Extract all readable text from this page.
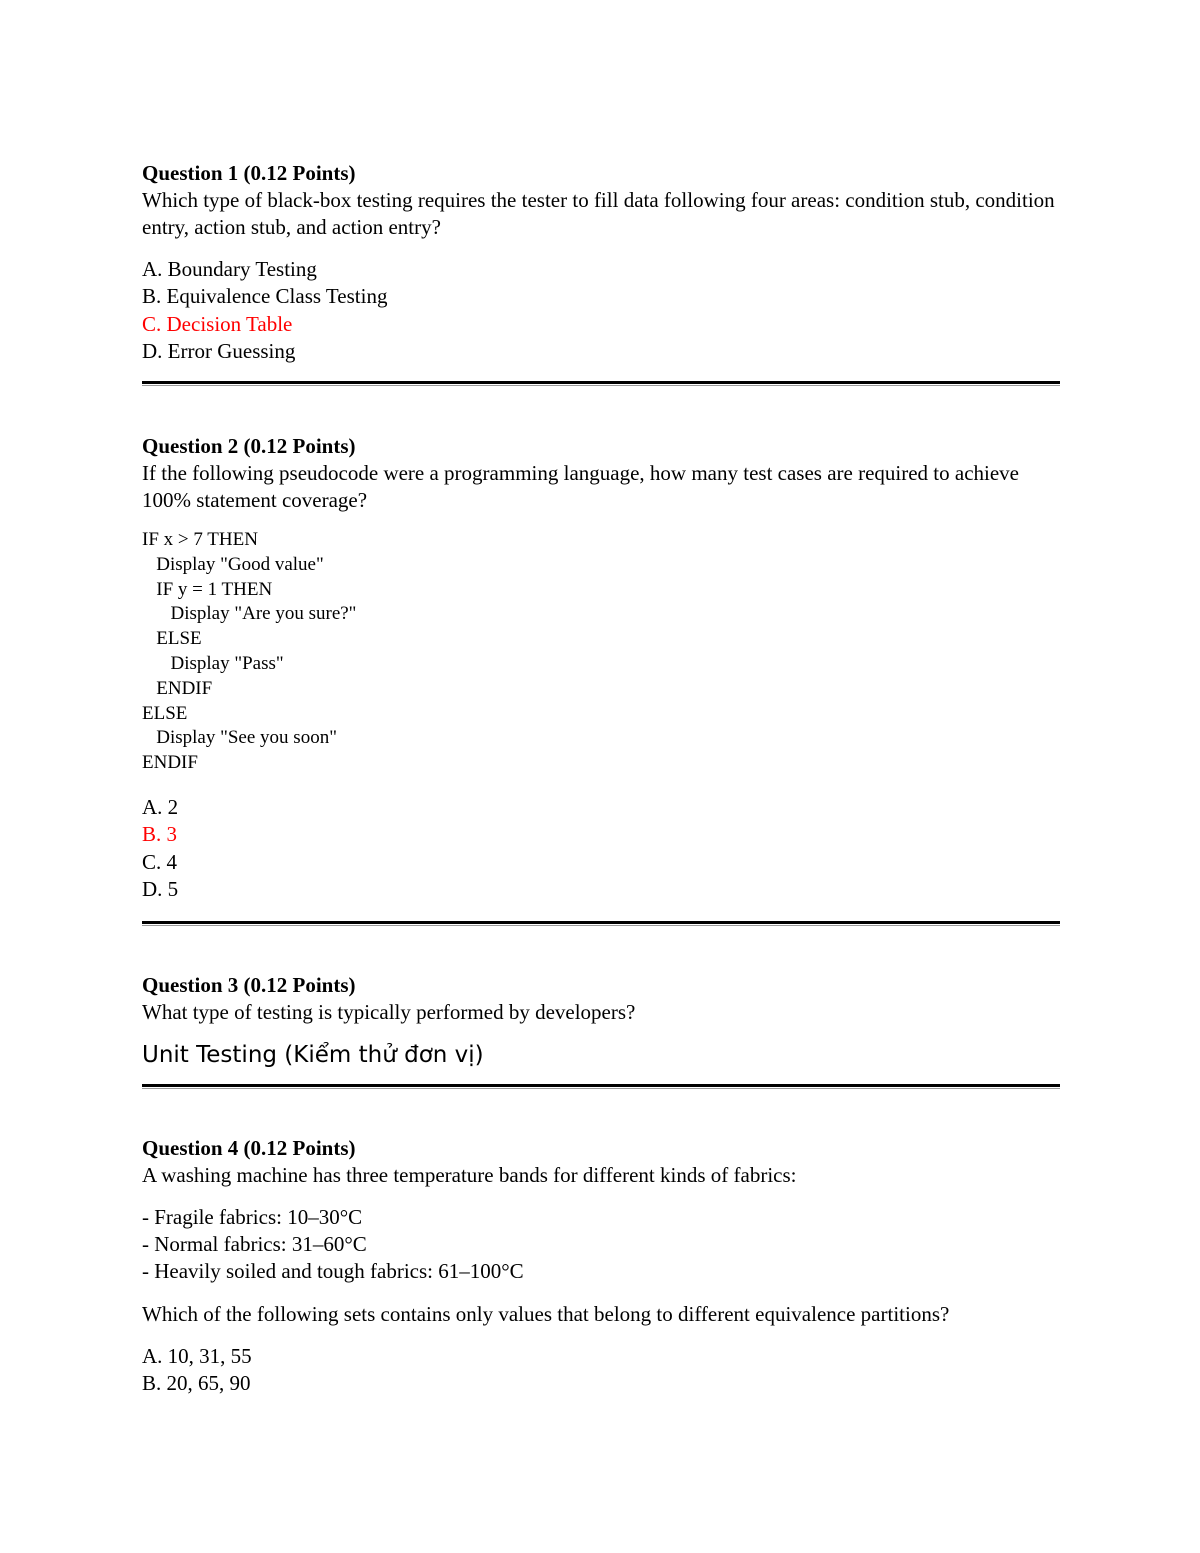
Question 1 (0.12 Points)

Which type of black-box testing requires the tester to fill data following four areas: condition stub, condition entry, action stub, and action entry?

A. Boundary Testing
B. Equivalence Class Testing
C. Decision Table
D. Error Guessing

Question 2 (0.12 Points)

If the following pseudocode were a programming language, how many test cases are required to achieve 100% statement coverage?

IF x > 7 THEN
Display "Good value"
IF y = 1 THEN
Display "Are you sure?"
ELSE
Display "Pass"
ENDIF
ELSE
Display "See you soon"
ENDIF
A. 2
B. 3
C. 4
D. 5

Question 3 (0.12 Points)

What type of testing is typically performed by developers?

Unit Testing (Kiểm thử đơn vị)

Question 4 (0.12 Points)

A washing machine has three temperature bands for different kinds of fabrics:

- Fragile fabrics: 10–30°C
- Normal fabrics: 31–60°C
- Heavily soiled and tough fabrics: 61–100°C

Which of the following sets contains only values that belong to different equivalence partitions?

A. 10, 31, 55
B. 20, 65, 90
